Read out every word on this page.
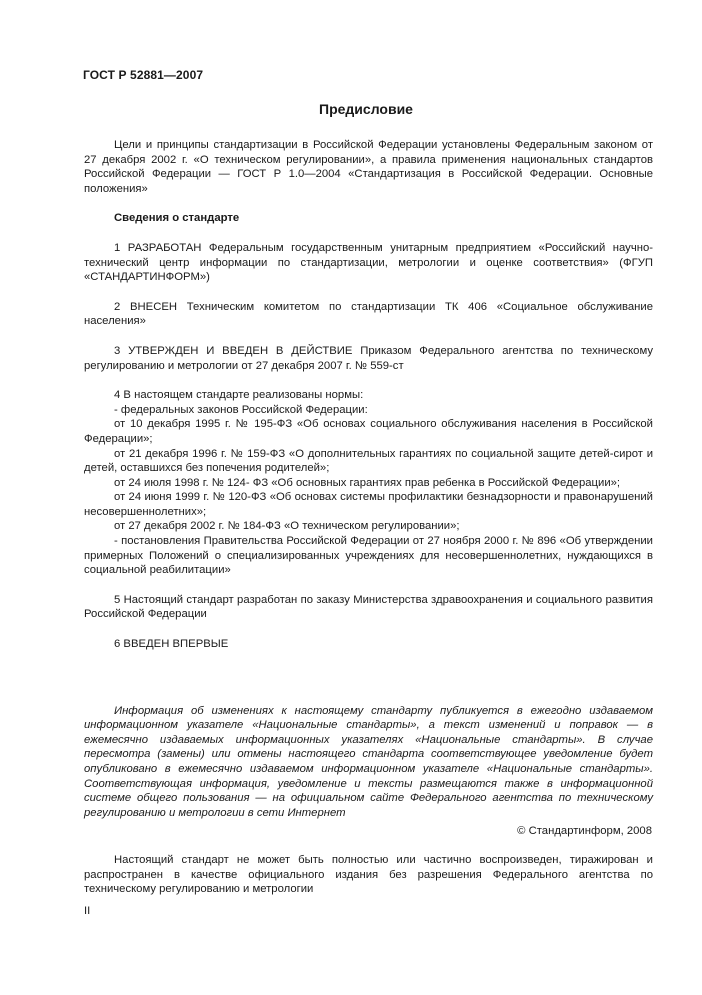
ГОСТ Р 52881—2007
Предисловие

Цели и принципы стандартизации в Российской Федерации установлены Федеральным законом от 27 декабря 2002 г. «О техническом регулировании», а правила применения национальных стандартов Российской Федерации — ГОСТ Р 1.0—2004 «Стандартизация в Российской Федерации. Основные положения»

Сведения о стандарте

1 РАЗРАБОТАН Федеральным государственным унитарным предприятием «Российский научно-технический центр информации по стандартизации, метрологии и оценке соответствия» (ФГУП «СТАНДАРТИНФОРМ»)

2 ВНЕСЕН Техническим комитетом по стандартизации ТК 406 «Социальное обслуживание населения»

3 УТВЕРЖДЕН И ВВЕДЕН В ДЕЙСТВИЕ Приказом Федерального агентства по техническому регулированию и метрологии от 27 декабря 2007 г. № 559-ст

4 В настоящем стандарте реализованы нормы:

- федеральных законов Российской Федерации:

от 10 декабря 1995 г. № 195-ФЗ «Об основах социального обслуживания населения в Российской Федерации»;

от 21 декабря 1996 г. № 159-ФЗ «О дополнительных гарантиях по социальной защите детей-сирот и детей, оставшихся без попечения родителей»;

от 24 июля 1998 г. № 124- ФЗ «Об основных гарантиях прав ребенка в Российской Федерации»;

от 24 июня 1999 г. № 120-ФЗ «Об основах системы профилактики безнадзорности и правонарушений несовершеннолетних»;

от 27 декабря 2002 г. № 184-ФЗ «О техническом регулировании»;

- постановления Правительства Российской Федерации от 27 ноября 2000 г. № 896 «Об утверждении примерных Положений о специализированных учреждениях для несовершеннолетних, нуждающихся в социальной реабилитации»

5 Настоящий стандарт разработан по заказу Министерства здравоохранения и социального развития Российской Федерации

6 ВВЕДЕН ВПЕРВЫЕ

Информация об изменениях к настоящему стандарту публикуется в ежегодно издаваемом информационном указателе «Национальные стандарты», а текст изменений и поправок — в ежемесячно издаваемых информационных указателях «Национальные стандарты». В случае пересмотра (замены) или отмены настоящего стандарта соответствующее уведомление будет опубликовано в ежемесячно издаваемом информационном указателе «Национальные стандарты». Соответствующая информация, уведомление и тексты размещаются также в информационной системе общего пользования — на официальном сайте Федерального агентства по техническому регулированию и метрологии в сети Интернет

© Стандартинформ, 2008

Настоящий стандарт не может быть полностью или частично воспроизведен, тиражирован и распространен в качестве официального издания без разрешения Федерального агентства по техническому регулированию и метрологии

II
